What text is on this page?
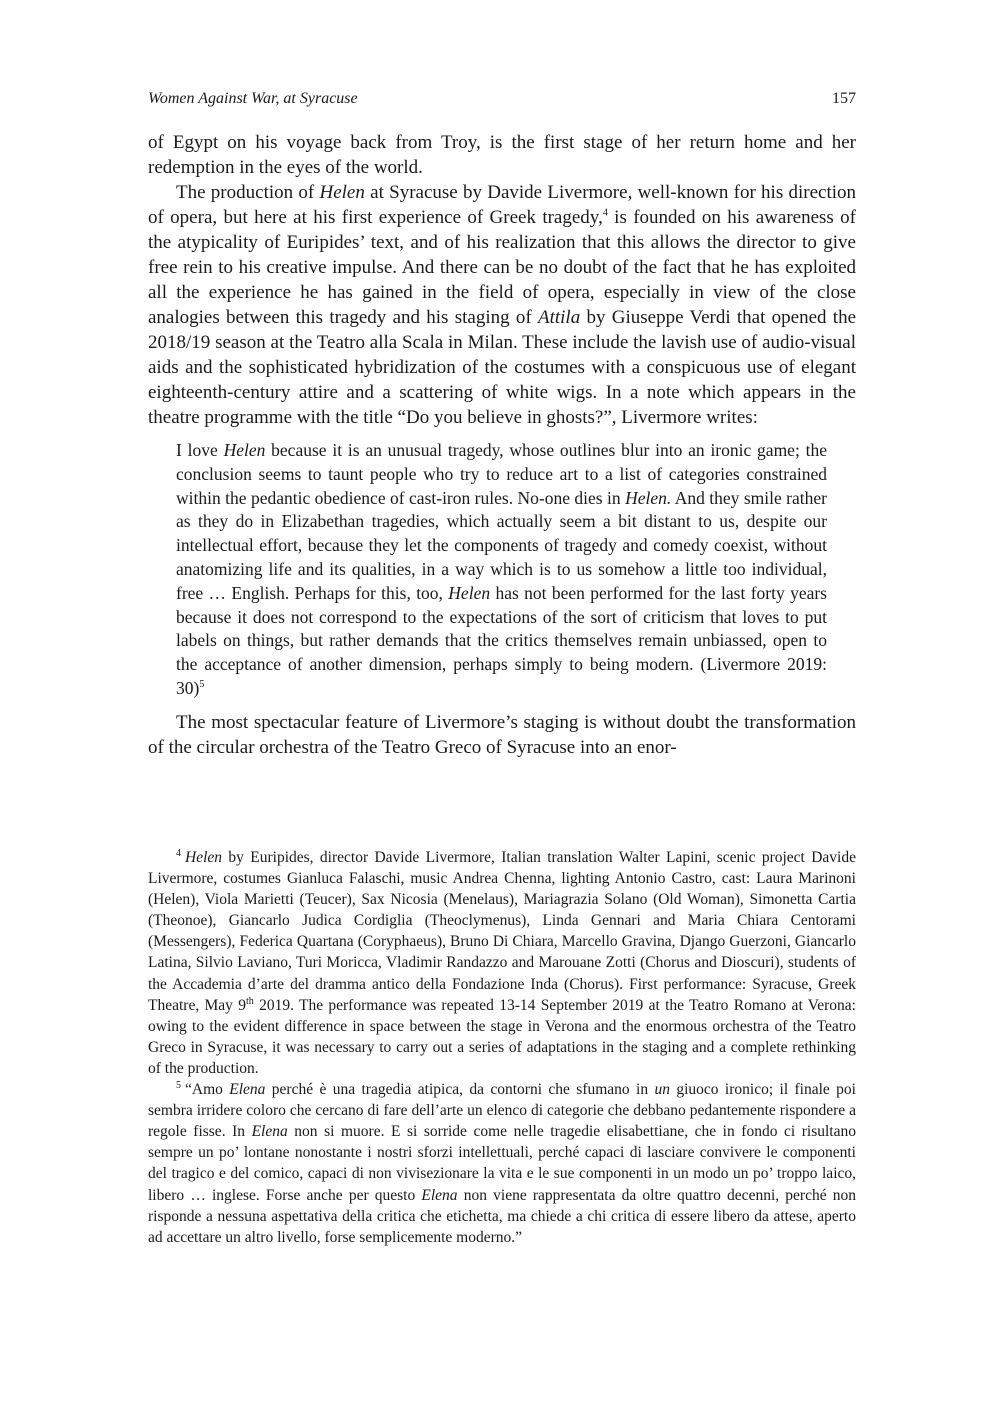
Women Against War, at Syracuse	157

of Egypt on his voyage back from Troy, is the first stage of her return home and her redemption in the eyes of the world.

The production of Helen at Syracuse by Davide Livermore, well-known for his direction of opera, but here at his first experience of Greek tragedy,$^4$ is founded on his awareness of the atypicality of Euripides’ text, and of his realization that this allows the director to give free rein to his creative impulse. And there can be no doubt of the fact that he has exploited all the experience he has gained in the field of opera, especially in view of the close analogies between this tragedy and his staging of Attila by Giuseppe Verdi that opened the 2018/19 season at the Teatro alla Scala in Milan. These include the lavish use of audio-visual aids and the sophisticated hybridization of the costumes with a conspicuous use of elegant eighteenth-century attire and a scattering of white wigs. In a note which appears in the theatre programme with the title “Do you believe in ghosts?”, Livermore writes:

I love Helen because it is an unusual tragedy, whose outlines blur into an ironic game; the conclusion seems to taunt people who try to reduce art to a list of categories constrained within the pedantic obedience of cast-iron rules. No-one dies in Helen. And they smile rather as they do in Elizabethan tragedies, which actually seem a bit distant to us, despite our intellectual effort, because they let the components of tragedy and comedy coexist, without anatomizing life and its qualities, in a way which is to us somehow a little too individual, free … English. Perhaps for this, too, Helen has not been performed for the last forty years because it does not correspond to the expectations of the sort of criticism that loves to put labels on things, but rather demands that the critics themselves remain unbiassed, open to the acceptance of another dimension, perhaps simply to being modern. (Livermore 2019: 30)$^5$

The most spectacular feature of Livermore’s staging is without doubt the transformation of the circular orchestra of the Teatro Greco of Syracuse into an enor-

$^4$ Helen by Euripides, director Davide Livermore, Italian translation Walter Lapini, scenic project Davide Livermore, costumes Gianluca Falaschi, music Andrea Chenna, lighting Antonio Castro, cast: Laura Marinoni (Helen), Viola Marietti (Teucer), Sax Nicosia (Menelaus), Mariagrazia Solano (Old Woman), Simonetta Cartia (Theonoe), Giancarlo Judica Cordiglia (Theoclymenus), Linda Gennari and Maria Chiara Centorami (Messengers), Federica Quartana (Coryphaeus), Bruno Di Chiara, Marcello Gravina, Django Guerzoni, Giancarlo Latina, Silvio Laviano, Turi Moricca, Vladimir Randazzo and Marouane Zotti (Chorus and Dioscuri), students of the Accademia d’arte del dramma antico della Fondazione Inda (Chorus). First performance: Syracuse, Greek Theatre, May 9th 2019. The performance was repeated 13-14 September 2019 at the Teatro Romano at Verona: owing to the evident difference in space between the stage in Verona and the enormous orchestra of the Teatro Greco in Syracuse, it was necessary to carry out a series of adaptations in the staging and a complete rethinking of the production.

$^5$ “Amo Elena perché è una tragedia atipica, da contorni che sfumano in un giuoco ironico; il finale poi sembra irridere coloro che cercano di fare dell’arte un elenco di categorie che debbano pedantemente rispondere a regole fisse. In Elena non si muore. E si sorride come nelle tragedie elisabettiane, che in fondo ci risultano sempre un po’ lontane nonostante i nostri sforzi intellettuali, perché capaci di lasciare convivere le componenti del tragico e del comico, capaci di non vivisezionare la vita e le sue componenti in un modo un po’ troppo laico, libero … inglese. Forse anche per questo Elena non viene rappresentata da oltre quattro decenni, perché non risponde a nessuna aspettativa della critica che etichetta, ma chiede a chi critica di essere libero da attese, aperto ad accettare un altro livello, forse semplicemente moderno.”
